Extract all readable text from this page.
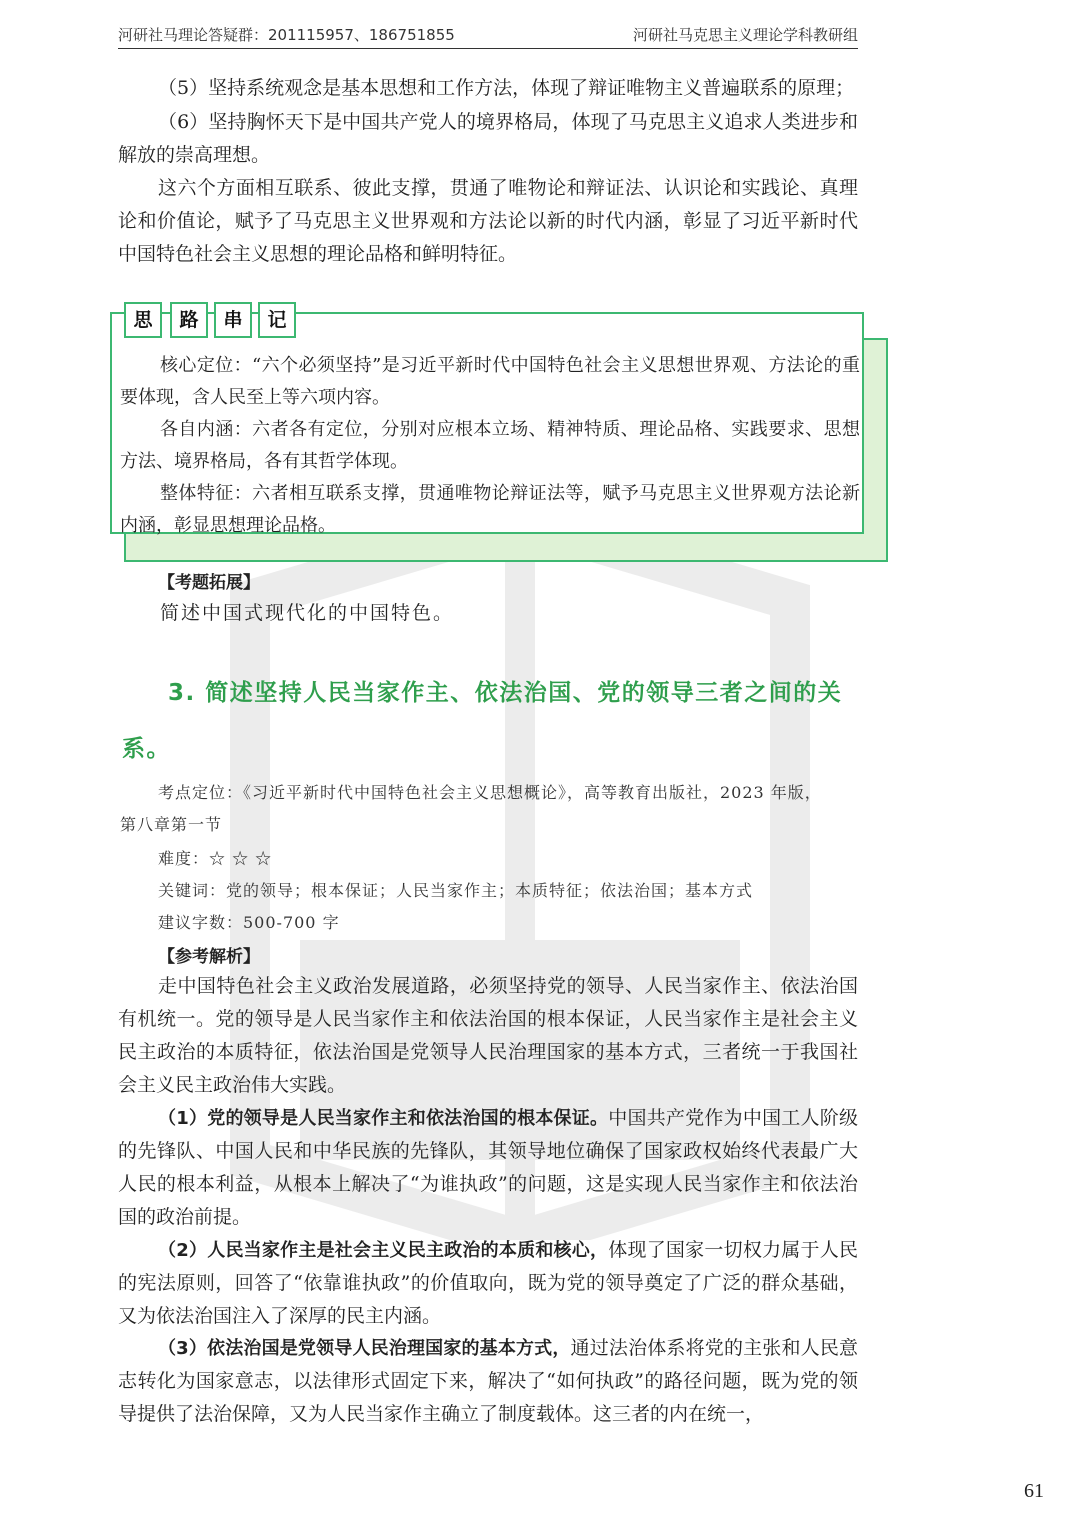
河研社马理论答疑群：201115957、186751855	河研社马克思主义理论学科教研组

（5）坚持系统观念是基本思想和工作方法，体现了辩证唯物主义普遍联系的原理；

（6）坚持胸怀天下是中国共产党人的境界格局，体现了马克思主义追求人类进步和解放的崇高理想。

这六个方面相互联系、彼此支撑，贯通了唯物论和辩证法、认识论和实践论、真理论和价值论，赋予了马克思主义世界观和方法论以新的时代内涵，彰显了习近平新时代中国特色社会主义思想的理论品格和鲜明特征。

核心定位：“六个必须坚持”是习近平新时代中国特色社会主义思想世界观、方法论的重要体现，含人民至上等六项内容。

各自内涵：六者各有定位，分别对应根本立场、精神特质、理论品格、实践要求、思想方法、境界格局，各有其哲学体现。

整体特征：六者相互联系支撑，贯通唯物论辩证法等，赋予马克思主义世界观方法论新内涵，彰显思想理论品格。

思	路	串	记
【考题拓展】
简述中国式现代化的中国特色。
3. 简述坚持人民当家作主、依法治国、党的领导三者之间的关
系。
考点定位：《习近平新时代中国特色社会主义思想概论》，高等教育出版社，2023 年版，
第八章第一节
难度：☆ ☆ ☆
关键词：党的领导；根本保证；人民当家作主；本质特征；依法治国；基本方式
建议字数：500-700 字
【参考解析】

走中国特色社会主义政治发展道路，必须坚持党的领导、人民当家作主、依法治国有机统一。党的领导是人民当家作主和依法治国的根本保证，人民当家作主是社会主义民主政治的本质特征，依法治国是党领导人民治理国家的基本方式，三者统一于我国社会主义民主政治伟大实践。

（1）党的领导是人民当家作主和依法治国的根本保证。中国共产党作为中国工人阶级的先锋队、中国人民和中华民族的先锋队，其领导地位确保了国家政权始终代表最广大人民的根本利益，从根本上解决了“为谁执政”的问题，这是实现人民当家作主和依法治国的政治前提。

（2）人民当家作主是社会主义民主政治的本质和核心，体现了国家一切权力属于人民的宪法原则，回答了“依靠谁执政”的价值取向，既为党的领导奠定了广泛的群众基础，又为依法治国注入了深厚的民主内涵。

（3）依法治国是党领导人民治理国家的基本方式，通过法治体系将党的主张和人民意志转化为国家意志，以法律形式固定下来，解决了“如何执政”的路径问题，既为党的领导提供了法治保障，又为人民当家作主确立了制度载体。这三者的内在统一，

61
